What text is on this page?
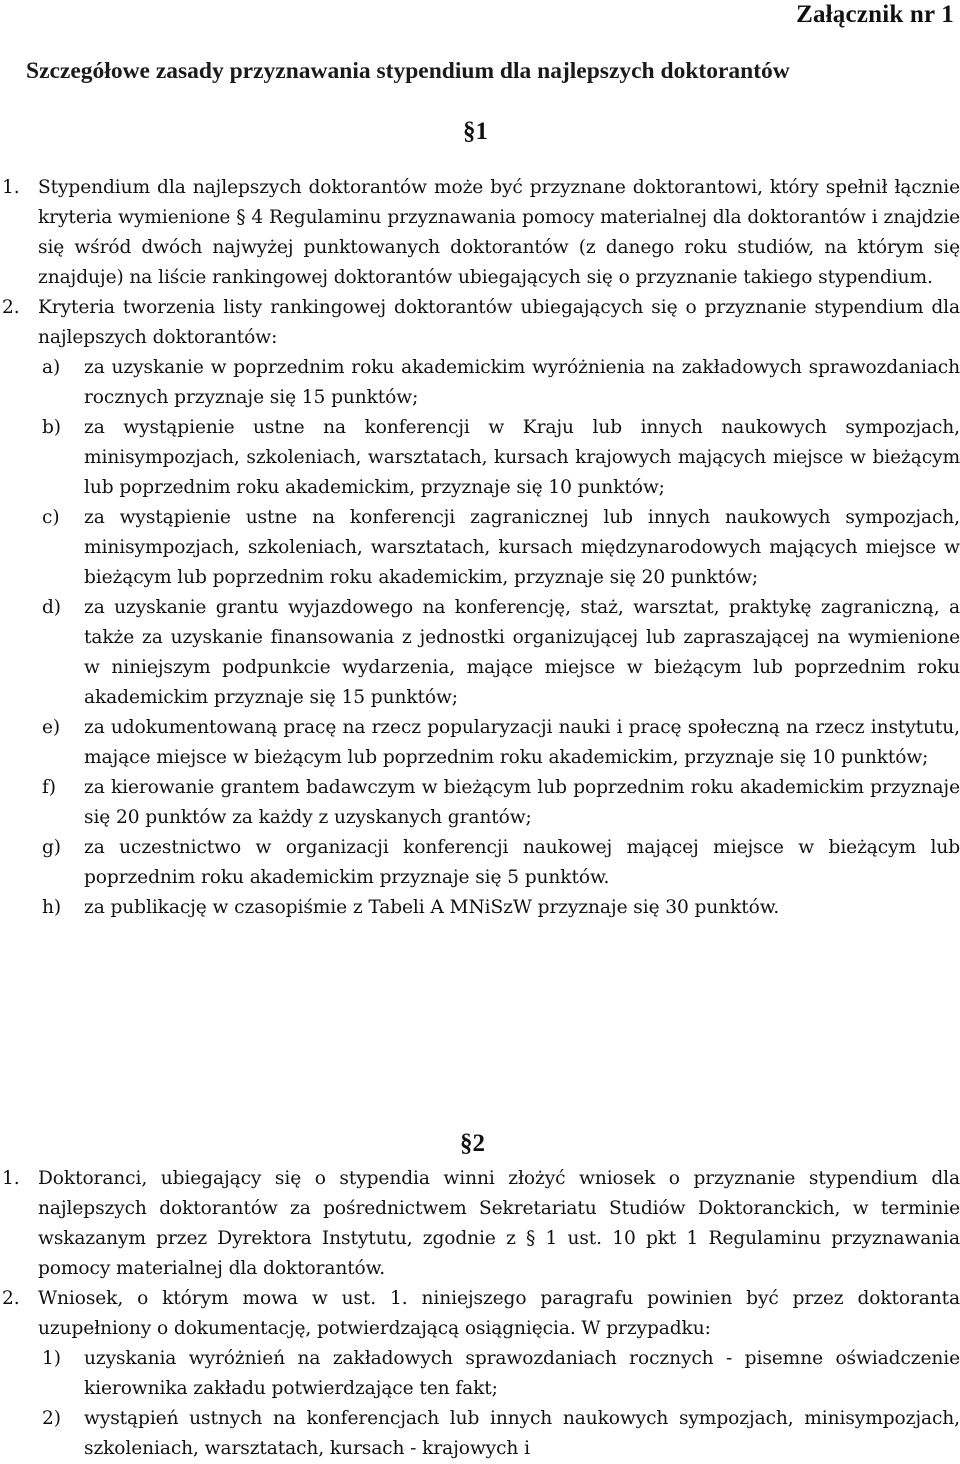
Załącznik nr 1
Szczegółowe zasady przyznawania stypendium dla najlepszych doktorantów
§1
1. Stypendium dla najlepszych doktorantów może być przyznane doktorantowi, który spełnił łącznie kryteria wymienione § 4 Regulaminu przyznawania pomocy materialnej dla doktorantów i znajdzie się wśród dwóch najwyżej punktowanych doktorantów (z danego roku studiów, na którym się znajduje) na liście rankingowej doktorantów ubiegających się o przyznanie takiego stypendium.
2. Kryteria tworzenia listy rankingowej doktorantów ubiegających się o przyznanie stypendium dla najlepszych doktorantów:
a)	za uzyskanie w poprzednim roku akademickim wyróżnienia na zakładowych sprawozdaniach rocznych przyznaje się 15 punktów;
b)	za wystąpienie ustne na konferencji w Kraju lub innych naukowych sympozjach, minisympozjach, szkoleniach, warsztatach, kursach krajowych mających miejsce w bieżącym lub poprzednim roku akademickim, przyznaje się 10 punktów;
c)	za wystąpienie ustne na konferencji zagranicznej lub innych naukowych sympozjach, minisympozjach, szkoleniach, warsztatach, kursach międzynarodowych mających miejsce w bieżącym lub poprzednim roku akademickim, przyznaje się 20 punktów;
d)	za uzyskanie grantu wyjazdowego na konferencję, staż, warsztat, praktykę zagraniczną, a także za uzyskanie finansowania z jednostki organizującej lub zapraszającej na wymienione w niniejszym podpunkcie wydarzenia, mające miejsce w bieżącym lub poprzednim roku akademickim przyznaje się 15 punktów;
e)	za udokumentowaną pracę na rzecz popularyzacji nauki i pracę społeczną na rzecz instytutu, mające miejsce w bieżącym lub poprzednim roku akademickim, przyznaje się 10 punktów;
f)	za kierowanie grantem badawczym w bieżącym lub poprzednim roku akademickim przyznaje się 20 punktów za każdy z uzyskanych grantów;
g)	za uczestnictwo w organizacji konferencji naukowej mającej miejsce w bieżącym lub poprzednim roku akademickim przyznaje się 5 punktów.
h)	za publikację w czasopiśmie z Tabeli A MNiSzW przyznaje się 30 punktów.
§2
1. Doktoranci, ubiegający się o stypendia winni złożyć wniosek o przyznanie stypendium dla najlepszych doktorantów za pośrednictwem Sekretariatu Studiów Doktoranckich, w terminie wskazanym przez Dyrektora Instytutu, zgodnie z § 1 ust. 10 pkt 1 Regulaminu przyznawania pomocy materialnej dla doktorantów.
2. Wniosek, o którym mowa w ust. 1. niniejszego paragrafu powinien być przez doktoranta uzupełniony o dokumentację, potwierdzającą osiągnięcia. W przypadku:
1)	uzyskania wyróżnień na zakładowych sprawozdaniach rocznych - pisemne oświadczenie kierownika zakładu potwierdzające ten fakt;
2)	wystąpień ustnych na konferencjach lub innych naukowych sympozjach, minisympozjach, szkoleniach, warsztatach, kursach - krajowych i
